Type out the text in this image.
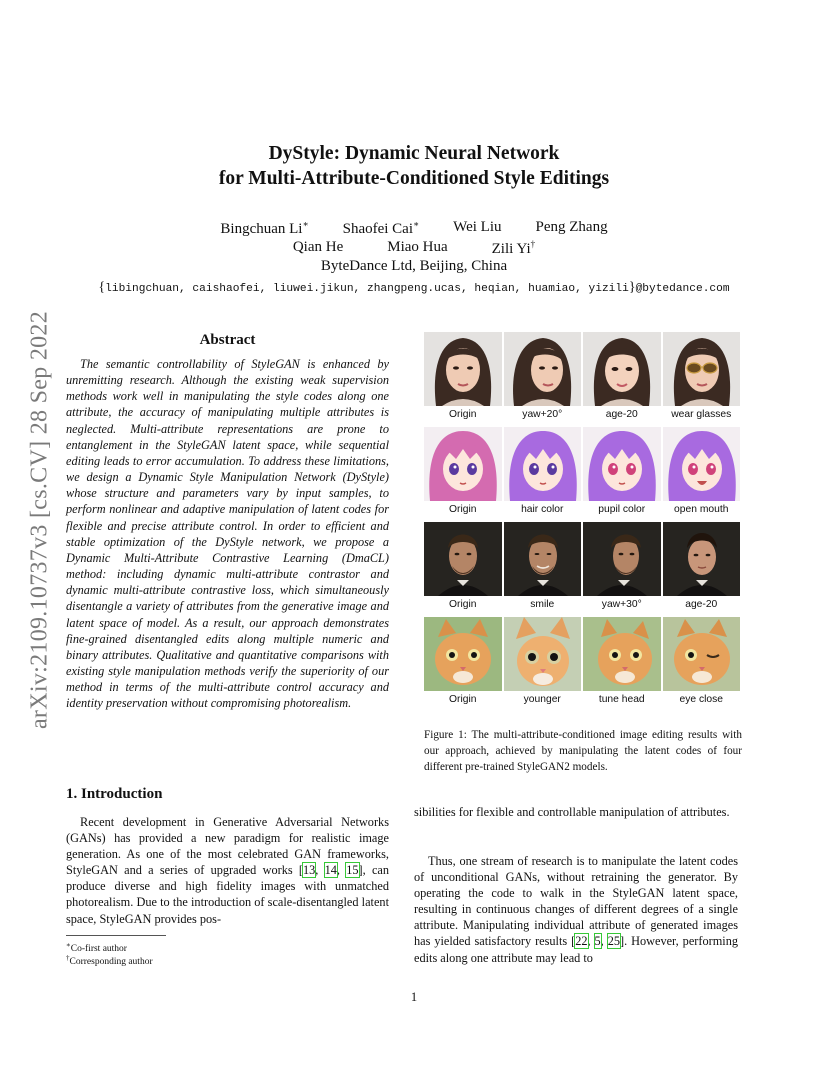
arXiv:2109.10737v3 [cs.CV] 28 Sep 2022
DyStyle: Dynamic Neural Network
for Multi-Attribute-Conditioned Style Editings
Bingchuan Li∗ Shaofei Cai∗ Wei Liu Peng Zhang
Qian He	Miao Hua	Zili Yi†
ByteDance Ltd, Beijing, China
{libingchuan, caishaofei, liuwei.jikun, zhangpeng.ucas, heqian, huamiao, yizili}@bytedance.com
Abstract
The semantic controllability of StyleGAN is enhanced by unremitting research. Although the existing weak supervision methods work well in manipulating the style codes along one attribute, the accuracy of manipulating multiple attributes is neglected. Multi-attribute representations are prone to entanglement in the StyleGAN latent space, while sequential editing leads to error accumulation. To address these limitations, we design a Dynamic Style Manipulation Network (DyStyle) whose structure and parameters vary by input samples, to perform nonlinear and adaptive manipulation of latent codes for flexible and precise attribute control. In order to efficient and stable optimization of the DyStyle network, we propose a Dynamic Multi-Attribute Contrastive Learning (DmaCL) method: including dynamic multi-attribute contrastor and dynamic multi-attribute contrastive loss, which simultaneously disentangle a variety of attributes from the generative image and latent space of model. As a result, our approach demonstrates fine-grained disentangled edits along multiple numeric and binary attributes. Qualitative and quantitative comparisons with existing style manipulation methods verify the superiority of our method in terms of the multi-attribute control accuracy and identity preservation without compromising photorealism.
1. Introduction
Recent development in Generative Adversarial Networks (GANs) has provided a new paradigm for realistic image generation. As one of the most celebrated GAN frameworks, StyleGAN and a series of upgraded works [13, 14, 15], can produce diverse and high fidelity images with unmatched photorealism. Due to the introduction of scale-disentangled latent space, StyleGAN provides pos-
∗Co-first author
†Corresponding author
Origin	yaw+20°	age-20	wear glasses
Origin	hair color	pupil color	open mouth
Origin	smile	yaw+30°	age-20
Origin	younger	tune head	eye close
Figure 1: The multi-attribute-conditioned image editing results with our approach, achieved by manipulating the latent codes of four different pre-trained StyleGAN2 models.
sibilities for flexible and controllable manipulation of attributes.
Thus, one stream of research is to manipulate the latent codes of unconditional GANs, without retraining the generator. By operating the code to walk in the StyleGAN latent space, resulting in continuous changes of different degrees of a single attribute. Manipulating individual attribute of generated images has yielded satisfactory results [22, 5, 25]. However, performing edits along one attribute may lead to
1
